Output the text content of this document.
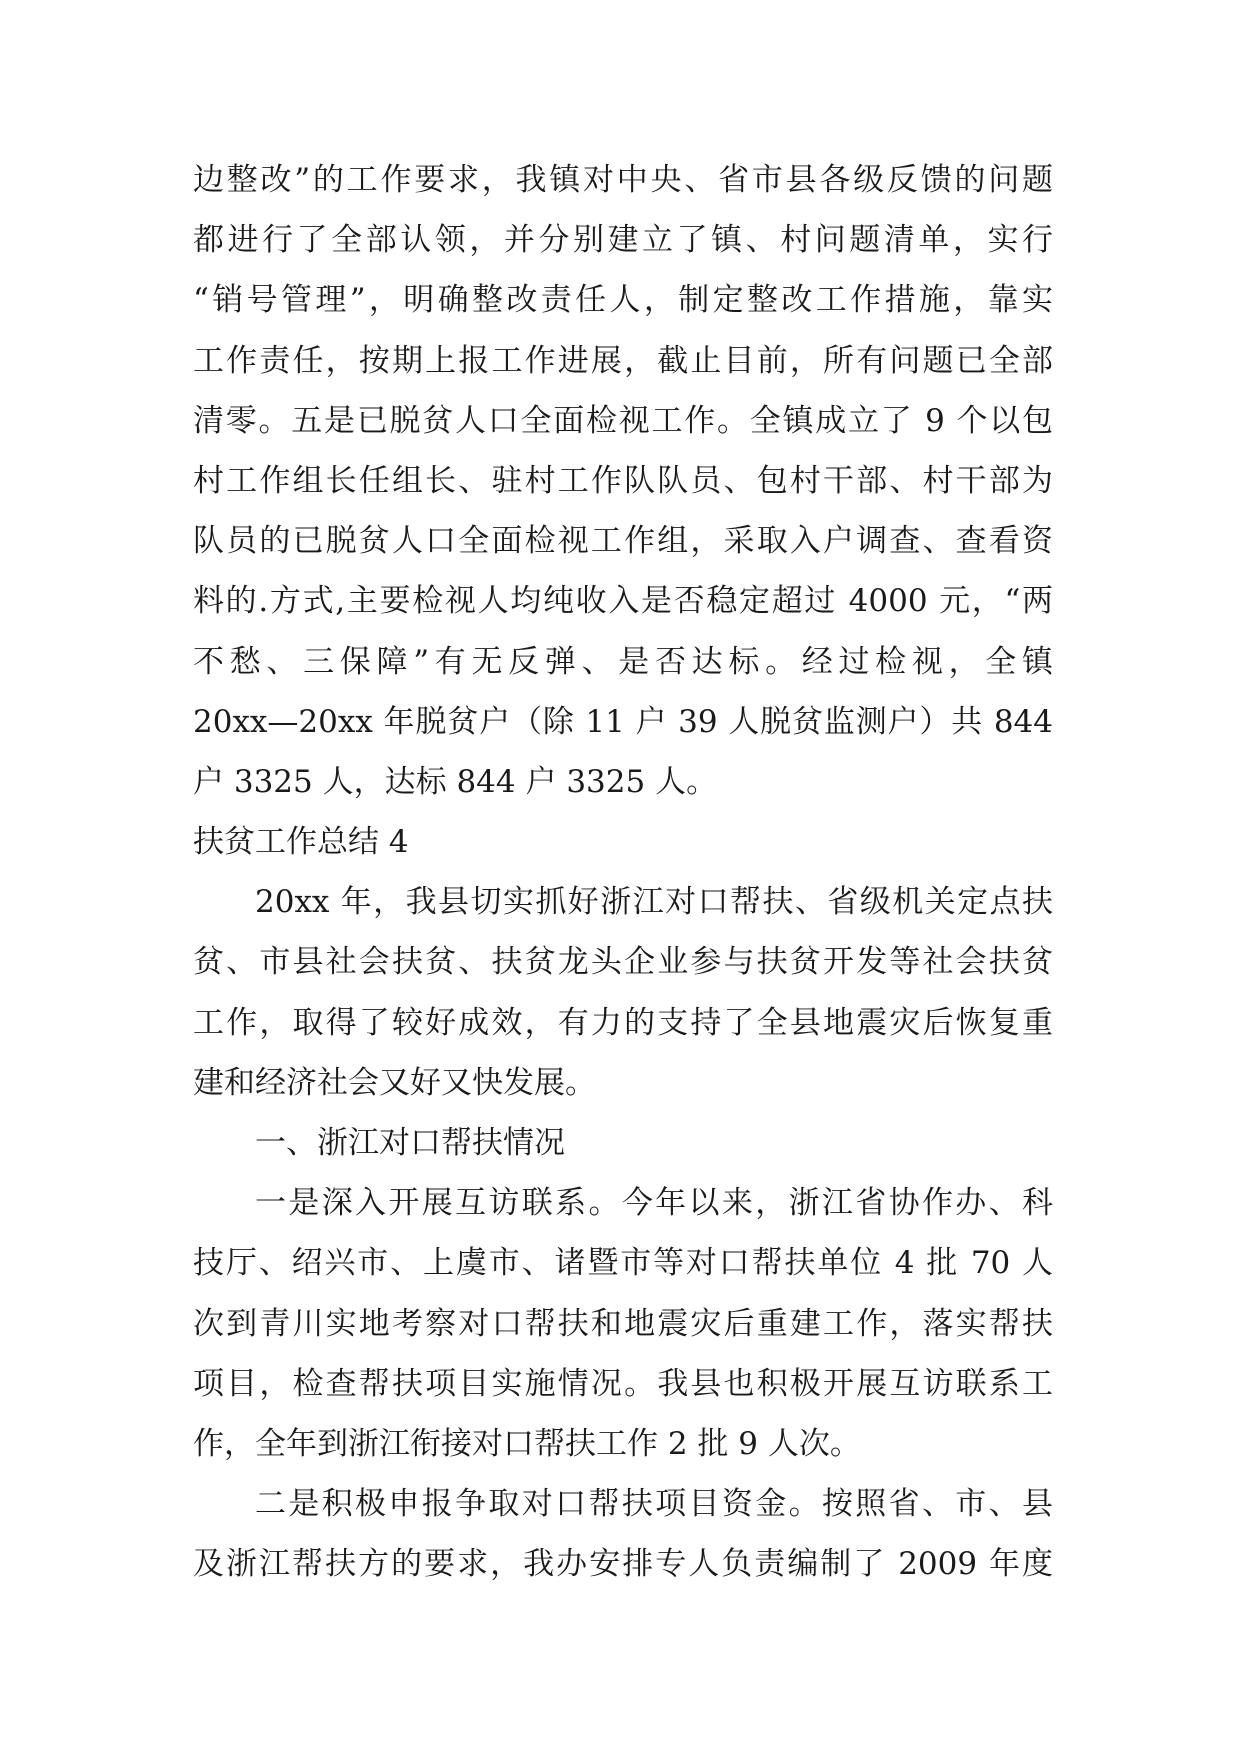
边整改”的工作要求，我镇对中央、省市县各级反馈的问题
都进行了全部认领，并分别建立了镇、村问题清单，实行
“销号管理”，明确整改责任人，制定整改工作措施，靠实
工作责任，按期上报工作进展，截止目前，所有问题已全部
清零。五是已脱贫人口全面检视工作。全镇成立了 9 个以包
村工作组长任组长、驻村工作队队员、包村干部、村干部为
队员的已脱贫人口全面检视工作组，采取入户调查、查看资
料的.方式,主要检视人均纯收入是否稳定超过 4000 元，“两
不愁、三保障”有无反弹、是否达标。经过检视，全镇
20xx—20xx 年脱贫户（除 11 户 39 人脱贫监测户）共 844
户 3325 人，达标 844 户 3325 人。
扶贫工作总结 4
20xx 年，我县切实抓好浙江对口帮扶、省级机关定点扶
贫、市县社会扶贫、扶贫龙头企业参与扶贫开发等社会扶贫
工作，取得了较好成效，有力的支持了全县地震灾后恢复重
建和经济社会又好又快发展。
一、浙江对口帮扶情况
一是深入开展互访联系。今年以来，浙江省协作办、科
技厅、绍兴市、上虞市、诸暨市等对口帮扶单位 4 批 70 人
次到青川实地考察对口帮扶和地震灾后重建工作，落实帮扶
项目，检查帮扶项目实施情况。我县也积极开展互访联系工
作，全年到浙江衔接对口帮扶工作 2 批 9 人次。
二是积极申报争取对口帮扶项目资金。按照省、市、县
及浙江帮扶方的要求，我办安排专人负责编制了 2009 年度
